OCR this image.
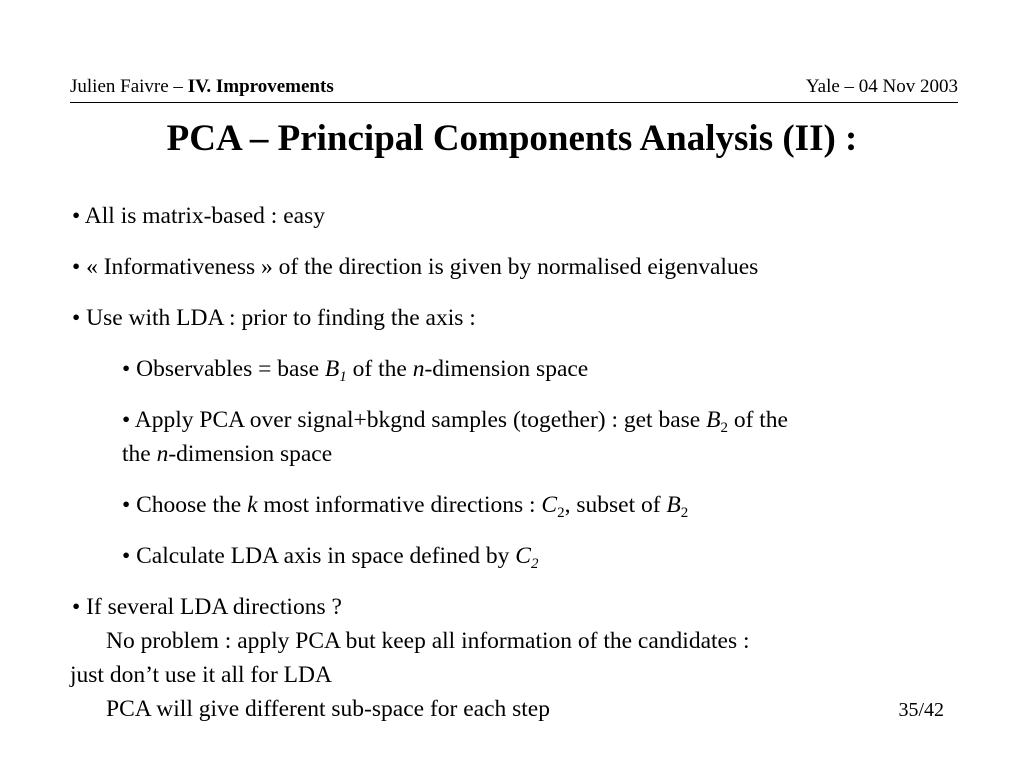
Julien Faivre – IV. Improvements	Yale – 04 Nov 2003
PCA – Principal Components Analysis (II) :
• All is matrix-based : easy
• « Informativeness » of the direction is given by normalised eigenvalues
• Use with LDA : prior to finding the axis :
• Observables = base $B_1$ of the n-dimension space
• Apply PCA over signal+bkgnd samples (together) : get base $B_2$ of the
the n-dimension space
• Choose the k most informative directions : $C_2$, subset of $B_2$
• Calculate LDA axis in space defined by $C_2$
• If several LDA directions ?
No problem : apply PCA but keep all information of the candidates :
just don’t use it all for LDA
PCA will give different sub-space for each step	35/42
